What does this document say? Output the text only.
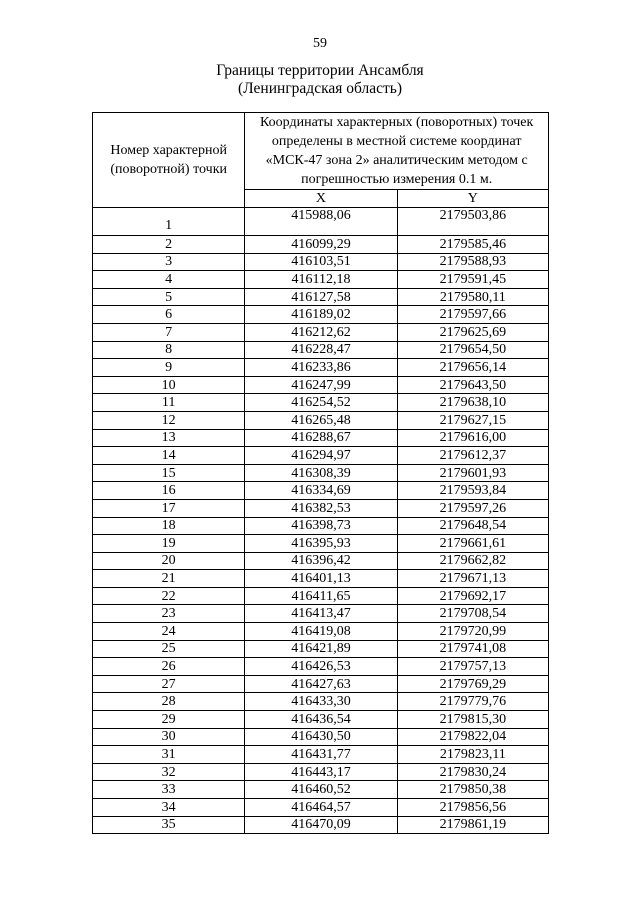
59
Границы территории Ансамбля
(Ленинградская область)
Номер характерной (поворотной) точки	Координаты характерных (поворотных) точек определены в местной системе координат «МСК-47 зона 2» аналитическим методом с погрешностью измерения 0.1 м.	
	X	Y
1	415988,06	2179503,86
2	416099,29	2179585,46
3	416103,51	2179588,93
4	416112,18	2179591,45
5	416127,58	2179580,11
6	416189,02	2179597,66
7	416212,62	2179625,69
8	416228,47	2179654,50
9	416233,86	2179656,14
10	416247,99	2179643,50
11	416254,52	2179638,10
12	416265,48	2179627,15
13	416288,67	2179616,00
14	416294,97	2179612,37
15	416308,39	2179601,93
16	416334,69	2179593,84
17	416382,53	2179597,26
18	416398,73	2179648,54
19	416395,93	2179661,61
20	416396,42	2179662,82
21	416401,13	2179671,13
22	416411,65	2179692,17
23	416413,47	2179708,54
24	416419,08	2179720,99
25	416421,89	2179741,08
26	416426,53	2179757,13
27	416427,63	2179769,29
28	416433,30	2179779,76
29	416436,54	2179815,30
30	416430,50	2179822,04
31	416431,77	2179823,11
32	416443,17	2179830,24
33	416460,52	2179850,38
34	416464,57	2179856,56
35	416470,09	2179861,19
